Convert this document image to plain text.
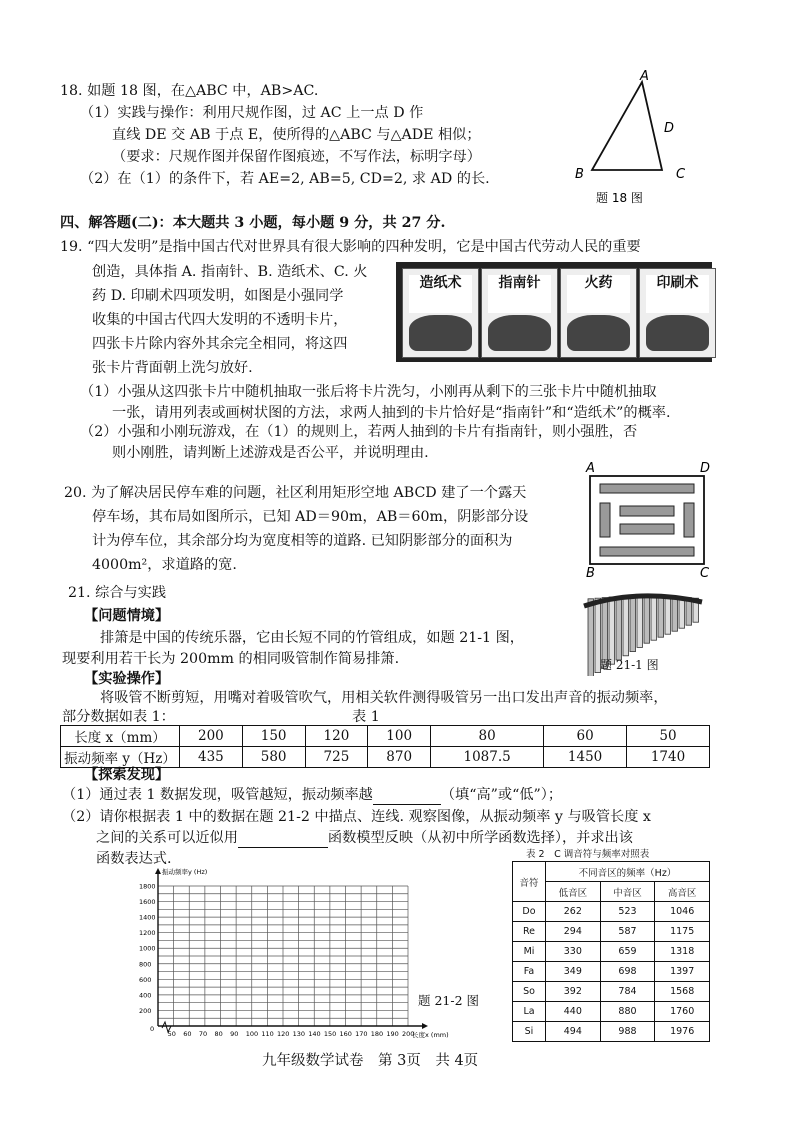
18. 如题 18 图，在△ABC 中，AB>AC.
（1）实践与操作：利用尺规作图，过 AC 上一点 D 作
直线 DE 交 AB 于点 E，使所得的△ABC 与△ADE 相似；
（要求：尺规作图并保留作图痕迹，不写作法，标明字母）
（2）在（1）的条件下，若 AE=2, AB=5, CD=2, 求 AD 的长.
A
B	C
D
题 18 图
四、解答题(二)：本大题共 3 小题，每小题 9 分，共 27 分.
19. “四大发明”是指中国古代对世界具有很大影响的四种发明，它是中国古代劳动人民的重要
创造，具体指 A. 指南针、B. 造纸术、C. 火
药 D. 印刷术四项发明，如图是小强同学
收集的中国古代四大发明的不透明卡片，
四张卡片除内容外其余完全相同，将这四
张卡片背面朝上洗匀放好.
造纸术	指南针	火药	印刷术
（1）小强从这四张卡片中随机抽取一张后将卡片洗匀，小刚再从剩下的三张卡片中随机抽取
一张，请用列表或画树状图的方法，求两人抽到的卡片恰好是“指南针”和“造纸术”的概率.
（2）小强和小刚玩游戏，在（1）的规则上，若两人抽到的卡片有指南针，则小强胜，否
则小刚胜，请判断上述游戏是否公平，并说明理由.
20. 为了解决居民停车难的问题，社区利用矩形空地 ABCD 建了一个露天
停车场，其布局如图所示，已知 AD＝90m，AB＝60m，阴影部分设
计为停车位，其余部分均为宽度相等的道路. 已知阴影部分的面积为
4000m²，求道路的宽.
A	D
B	C
21. 综合与实践
【问题情境】
排箫是中国的传统乐器，它由长短不同的竹管组成，如题 21-1 图，
现要利用若干长为 200mm 的相同吸管制作简易排箫.
【实验操作】
将吸管不断剪短，用嘴对着吸管吹气，用相关软件测得吸管另一出口发出声音的振动频率，
部分数据如表 1：	表 1
题 21-1 图
长度 x（mm）	200	150	120	100	80	60	50
振动频率 y（Hz）	435	580	725	870	1087.5	1450	1740
【探索发现】
（1）通过表 1 数据发现，吸管越短，振动频率越	（填“高”或“低”）；
（2）请你根据表 1 中的数据在题 21-2 中描点、连线. 观察图像，从振动频率 y 与吸管长度 x
之间的关系可以近似用	函数模型反映（从初中所学函数选择），并求出该
函数表达式.
50 60 70 80 90 100 110 120 130 140 150 160 170 180 190 200
200
400
600
800
1000
1200
1400
1600
1800
0
振动频率y (Hz)
长度x (mm)
题 21-2 图
表 2　C 调音符与频率对照表
音符	不同音区的频率（Hz）		
	低音区	中音区	高音区
Do	262	523	1046
Re	294	587	1175
Mi	330	659	1318
Fa	349	698	1397
So	392	784	1568
La	440	880	1760
Si	494	988	1976
九年级数学试卷　第 3页　共 4页
